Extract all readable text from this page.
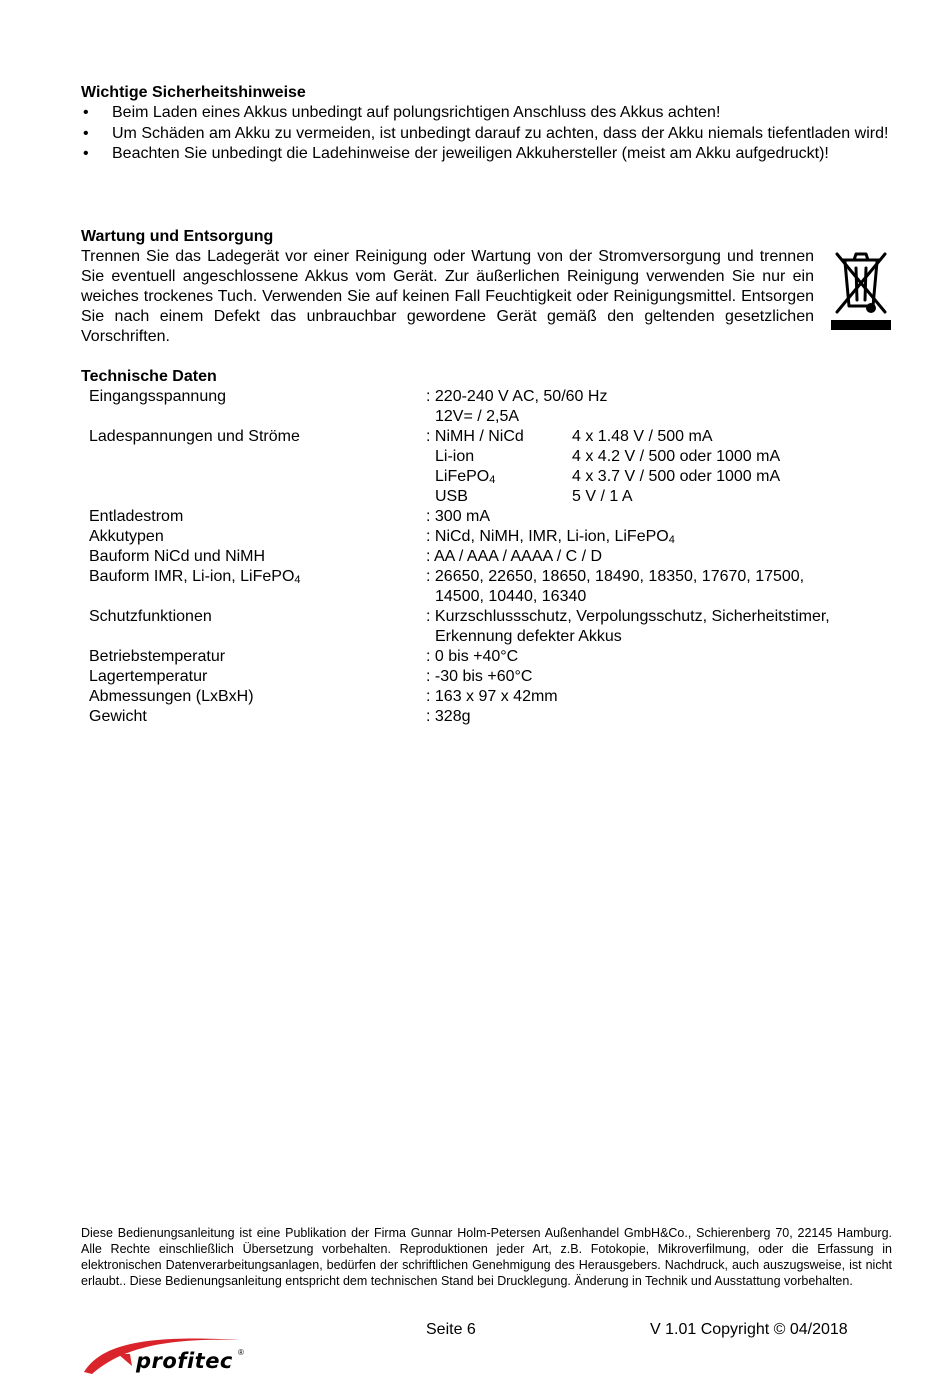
Wichtige Sicherheitshinweise
• Beim Laden eines Akkus unbedingt auf polungsrichtigen Anschluss des Akkus achten!
• Um Schäden am Akku zu vermeiden, ist unbedingt darauf zu achten, dass der Akku niemals tiefentladen wird!
• Beachten Sie unbedingt die Ladehinweise der jeweiligen Akkuhersteller (meist am Akku aufgedruckt)!
Wartung und Entsorgung
Trennen Sie das Ladegerät vor einer Reinigung oder Wartung von der Stromversorgung und trennen Sie eventuell angeschlossene Akkus vom Gerät. Zur äußerlichen Reinigung verwenden Sie nur ein weiches trockenes Tuch. Verwenden Sie auf keinen Fall Feuchtigkeit oder Reinigungsmittel. Entsorgen Sie nach einem Defekt das unbrauchbar gewordene Gerät gemäß den geltenden gesetzlichen Vorschriften.
Technische Daten
Eingangsspannung	: 220-240 V AC, 50/60 Hz
12V= / 2,5A
Ladespannungen und Ströme	: NiMH / NiCd	4 x 1.48 V / 500 mA
Li-ion	4 x 4.2 V / 500 oder 1000 mA
LiFePO$_4$	4 x 3.7 V / 500 oder 1000 mA
USB	5 V / 1 A
Entladestrom	: 300 mA
Akkutypen	: NiCd, NiMH, IMR, Li-ion, LiFePO$_4$
Bauform NiCd und NiMH	: AA / AAA / AAAA / C / D
Bauform IMR, Li-ion, LiFePO$_4$	: 26650, 22650, 18650, 18490, 18350, 17670, 17500,
14500, 10440, 16340
Schutzfunktionen	: Kurzschlussschutz, Verpolungsschutz, Sicherheitstimer,
Erkennung defekter Akkus
Betriebstemperatur	: 0 bis +40°C
Lagertemperatur	: -30 bis +60°C
Abmessungen (LxBxH)	: 163 x 97 x 42mm
Gewicht	: 328g
Diese Bedienungsanleitung ist eine Publikation der Firma Gunnar Holm-Petersen Außenhandel GmbH&Co., Schierenberg 70, 22145 Hamburg. Alle Rechte einschließlich Übersetzung vorbehalten. Reproduktionen jeder Art, z.B. Fotokopie, Mikroverfilmung, oder die Erfassung in elektronischen Datenverarbeitungsanlagen, bedürfen der schriftlichen Genehmigung des Herausgebers. Nachdruck, auch auszugsweise, ist nicht erlaubt.. Diese Bedienungsanleitung entspricht dem technischen Stand bei Drucklegung. Änderung in Technik und Ausstattung vorbehalten.
Seite 6	V 1.01 Copyright © 04/2018
profitec ®
